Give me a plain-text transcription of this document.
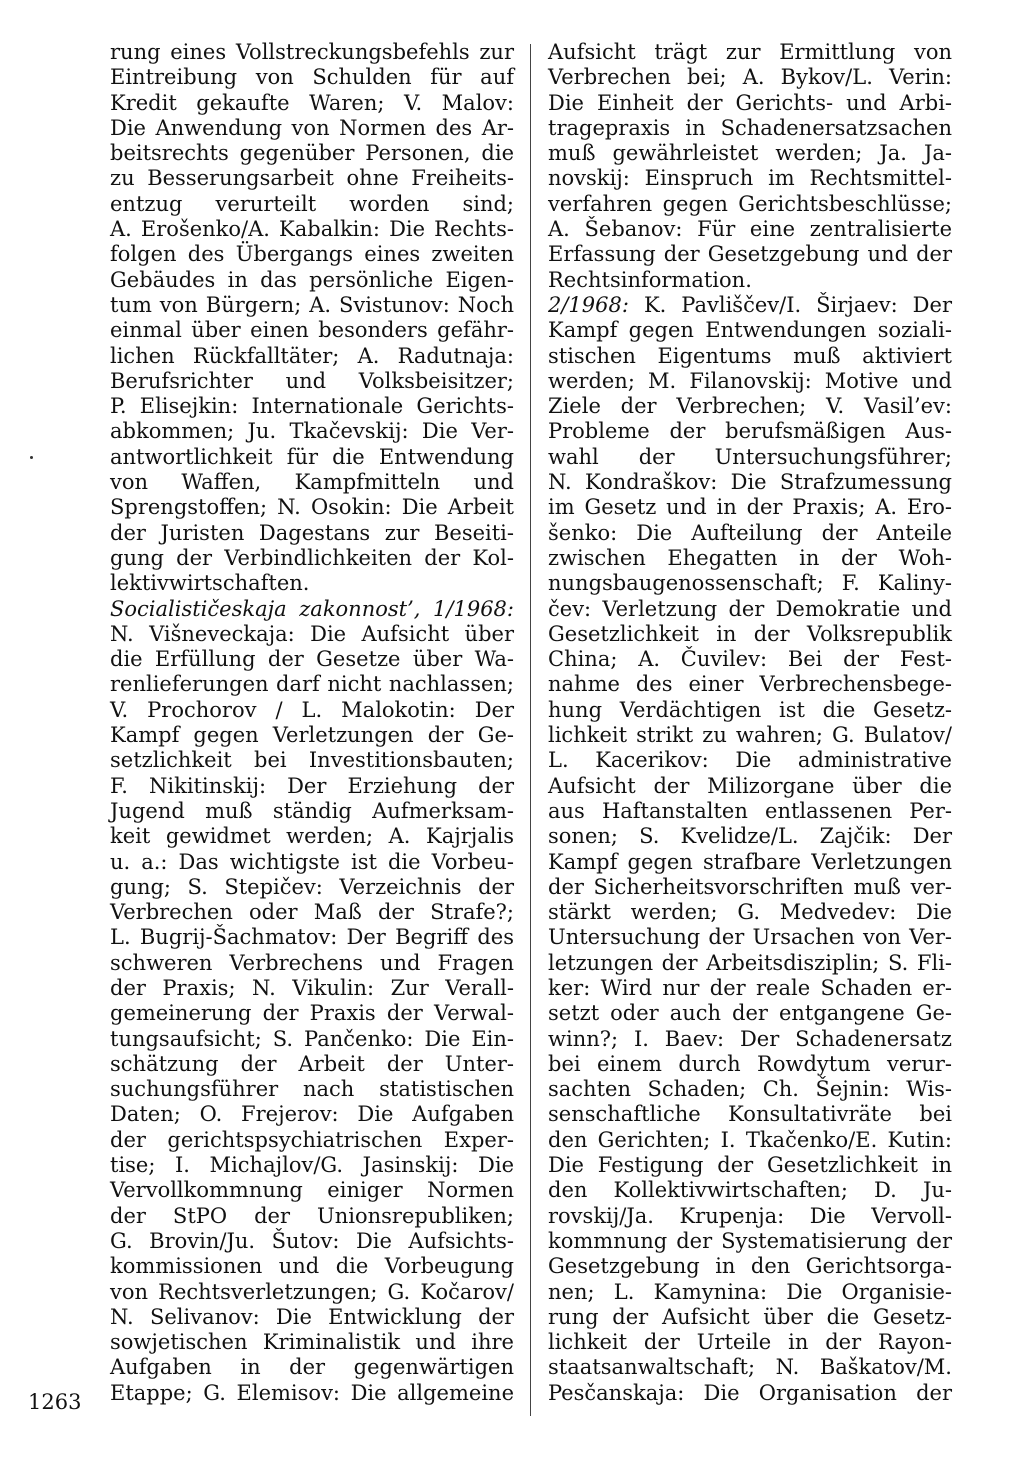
rung eines Vollstreckungsbefehls zur
Eintreibung von Schulden für auf
Kredit gekaufte Waren; V. Malov:
Die Anwendung von Normen des Ar-
beitsrechts gegenüber Personen, die
zu Besserungsarbeit ohne Freiheits-
entzug verurteilt worden sind;
A. Erošenko/A. Kabalkin: Die Rechts-
folgen des Übergangs eines zweiten
Gebäudes in das persönliche Eigen-
tum von Bürgern; A. Svistunov: Noch
einmal über einen besonders gefähr-
lichen Rückfalltäter; A. Radutnaja:
Berufsrichter und Volksbeisitzer;
P. Elisejkin: Internationale Gerichts-
abkommen; Ju. Tkačevskij: Die Ver-
antwortlichkeit für die Entwendung
von Waffen, Kampfmitteln und
Sprengstoffen; N. Osokin: Die Arbeit
der Juristen Dagestans zur Beseiti-
gung der Verbindlichkeiten der Kol-
lektivwirtschaften.
Socialističeskaja zakonnost’, 1/1968:
N. Višneveckaja: Die Aufsicht über
die Erfüllung der Gesetze über Wa-
renlieferungen darf nicht nachlassen;
V. Prochorov / L. Malokotin: Der
Kampf gegen Verletzungen der Ge-
setzlichkeit bei Investitionsbauten;
F. Nikitinskij: Der Erziehung der
Jugend muß ständig Aufmerksam-
keit gewidmet werden; A. Kajrjalis
u. a.: Das wichtigste ist die Vorbeu-
gung; S. Stepičev: Verzeichnis der
Verbrechen oder Maß der Strafe?;
L. Bugrij-Šachmatov: Der Begriff des
schweren Verbrechens und Fragen
der Praxis; N. Vikulin: Zur Verall-
gemeinerung der Praxis der Verwal-
tungsaufsicht; S. Pančenko: Die Ein-
schätzung der Arbeit der Unter-
suchungsführer nach statistischen
Daten; O. Frejerov: Die Aufgaben
der gerichtspsychiatrischen Exper-
tise; I. Michajlov/G. Jasinskij: Die
Vervollkommnung einiger Normen
der StPO der Unionsrepubliken;
G. Brovin/Ju. Šutov: Die Aufsichts-
kommissionen und die Vorbeugung
von Rechtsverletzungen; G. Kočarov/
N. Selivanov: Die Entwicklung der
sowjetischen Kriminalistik und ihre
Aufgaben in der gegenwärtigen
Etappe; G. Elemisov: Die allgemeine
Aufsicht trägt zur Ermittlung von
Verbrechen bei; A. Bykov/L. Verin:
Die Einheit der Gerichts- und Arbi-
tragepraxis in Schadenersatzsachen
muß gewährleistet werden; Ja. Ja-
novskij: Einspruch im Rechtsmittel-
verfahren gegen Gerichtsbeschlüsse;
A. Šebanov: Für eine zentralisierte
Erfassung der Gesetzgebung und der
Rechtsinformation.
2/1968: K. Pavliščev/I. Širjaev: Der
Kampf gegen Entwendungen soziali-
stischen Eigentums muß aktiviert
werden; M. Filanovskij: Motive und
Ziele der Verbrechen; V. Vasil’ev:
Probleme der berufsmäßigen Aus-
wahl der Untersuchungsführer;
N. Kondraškov: Die Strafzumessung
im Gesetz und in der Praxis; A. Ero-
šenko: Die Aufteilung der Anteile
zwischen Ehegatten in der Woh-
nungsbaugenossenschaft; F. Kaliny-
čev: Verletzung der Demokratie und
Gesetzlichkeit in der Volksrepublik
China; A. Čuvilev: Bei der Fest-
nahme des einer Verbrechensbege-
hung Verdächtigen ist die Gesetz-
lichkeit strikt zu wahren; G. Bulatov/
L. Kacerikov: Die administrative
Aufsicht der Milizorgane über die
aus Haftanstalten entlassenen Per-
sonen; S. Kvelidze/L. Zajčik: Der
Kampf gegen strafbare Verletzungen
der Sicherheitsvorschriften muß ver-
stärkt werden; G. Medvedev: Die
Untersuchung der Ursachen von Ver-
letzungen der Arbeitsdisziplin; S. Fli-
ker: Wird nur der reale Schaden er-
setzt oder auch der entgangene Ge-
winn?; I. Baev: Der Schadenersatz
bei einem durch Rowdytum verur-
sachten Schaden; Ch. Šejnin: Wis-
senschaftliche Konsultativräte bei
den Gerichten; I. Tkačenko/E. Kutin:
Die Festigung der Gesetzlichkeit in
den Kollektivwirtschaften; D. Ju-
rovskij/Ja. Krupenja: Die Vervoll-
kommnung der Systematisierung der
Gesetzgebung in den Gerichtsorga-
nen; L. Kamynina: Die Organisie-
rung der Aufsicht über die Gesetz-
lichkeit der Urteile in der Rayon-
staatsanwaltschaft; N. Baškatov/M.
Pesčanskaja: Die Organisation der
1263
